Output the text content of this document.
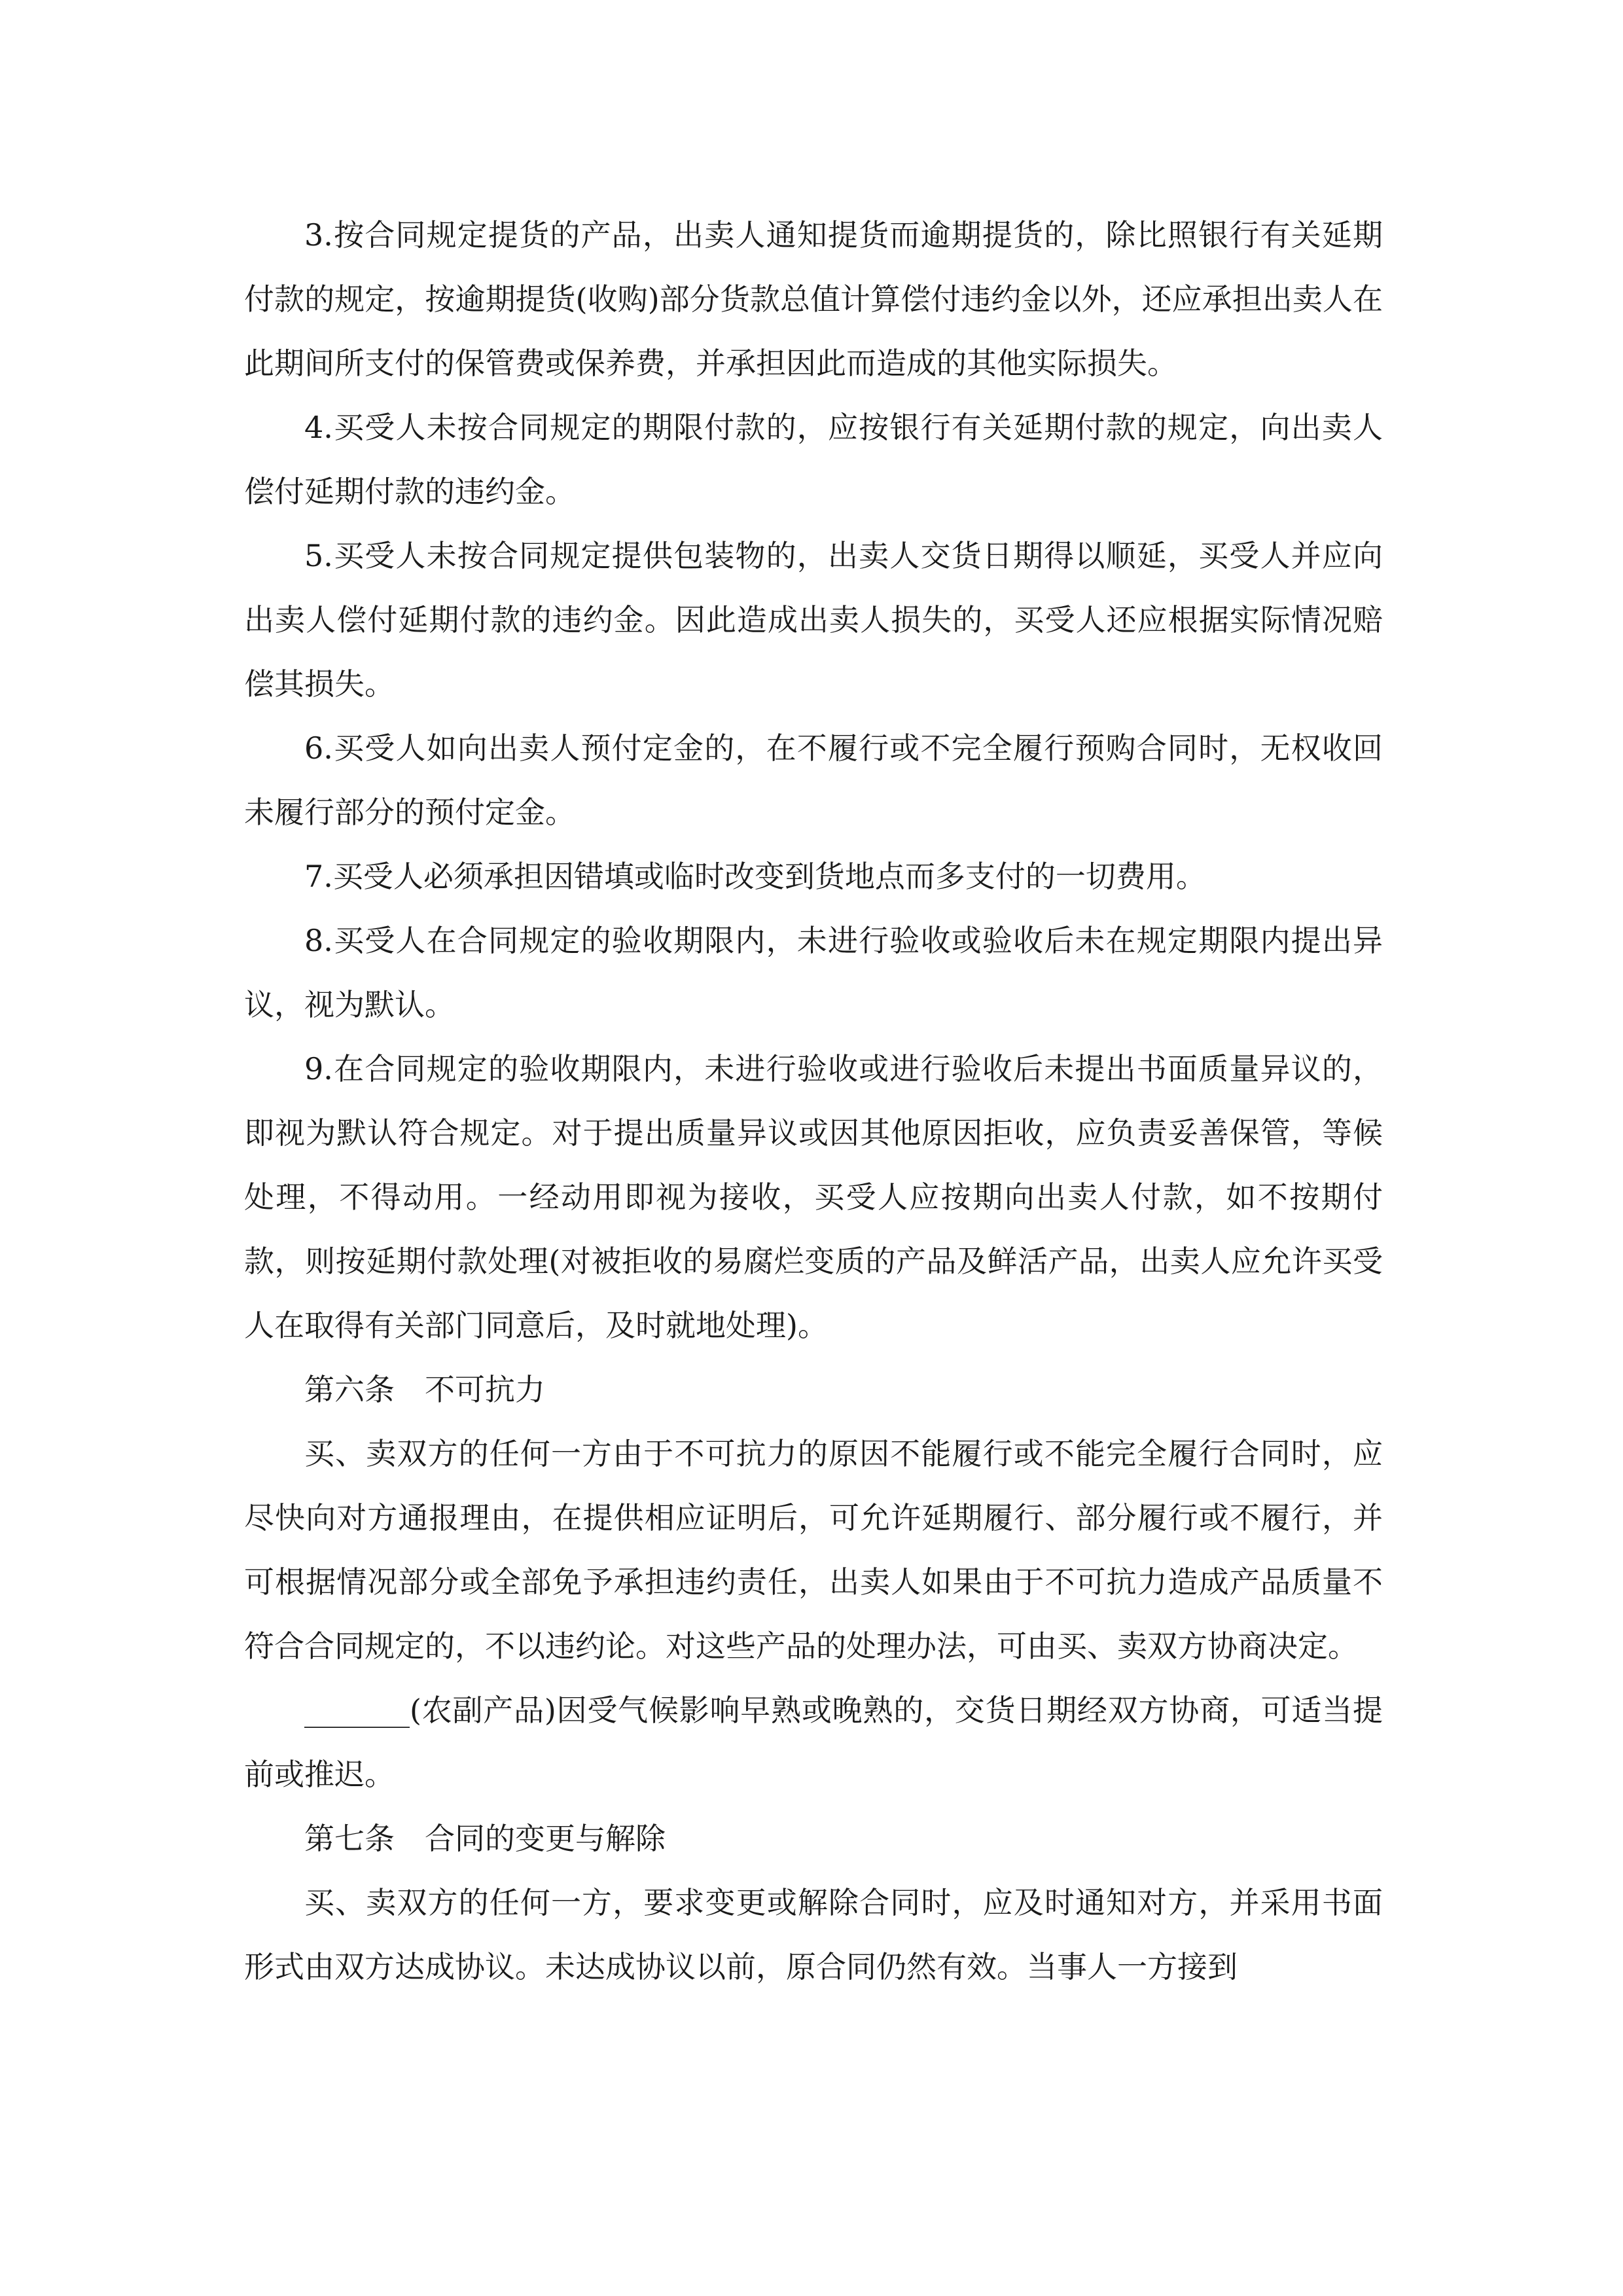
3.按合同规定提货的产品，出卖人通知提货而逾期提货的，除比照银行有关延期付款的规定，按逾期提货(收购)部分货款总值计算偿付违约金以外，还应承担出卖人在此期间所支付的保管费或保养费，并承担因此而造成的其他实际损失。

4.买受人未按合同规定的期限付款的，应按银行有关延期付款的规定，向出卖人偿付延期付款的违约金。

5.买受人未按合同规定提供包装物的，出卖人交货日期得以顺延，买受人并应向出卖人偿付延期付款的违约金。因此造成出卖人损失的，买受人还应根据实际情况赔偿其损失。

6.买受人如向出卖人预付定金的，在不履行或不完全履行预购合同时，无权收回未履行部分的预付定金。

7.买受人必须承担因错填或临时改变到货地点而多支付的一切费用。

8.买受人在合同规定的验收期限内，未进行验收或验收后未在规定期限内提出异议，视为默认。

9.在合同规定的验收期限内，未进行验收或进行验收后未提出书面质量异议的，即视为默认符合规定。对于提出质量异议或因其他原因拒收，应负责妥善保管，等候处理，不得动用。一经动用即视为接收，买受人应按期向出卖人付款，如不按期付款，则按延期付款处理(对被拒收的易腐烂变质的产品及鲜活产品，出卖人应允许买受人在取得有关部门同意后，及时就地处理)。

第六条　不可抗力

买、卖双方的任何一方由于不可抗力的原因不能履行或不能完全履行合同时，应尽快向对方通报理由，在提供相应证明后，可允许延期履行、部分履行或不履行，并可根据情况部分或全部免予承担违约责任，出卖人如果由于不可抗力造成产品质量不符合合同规定的，不以违约论。对这些产品的处理办法，可由买、卖双方协商决定。

_______(农副产品)因受气候影响早熟或晚熟的，交货日期经双方协商，可适当提前或推迟。

第七条　合同的变更与解除

买、卖双方的任何一方，要求变更或解除合同时，应及时通知对方，并采用书面形式由双方达成协议。未达成协议以前，原合同仍然有效。当事人一方接到
